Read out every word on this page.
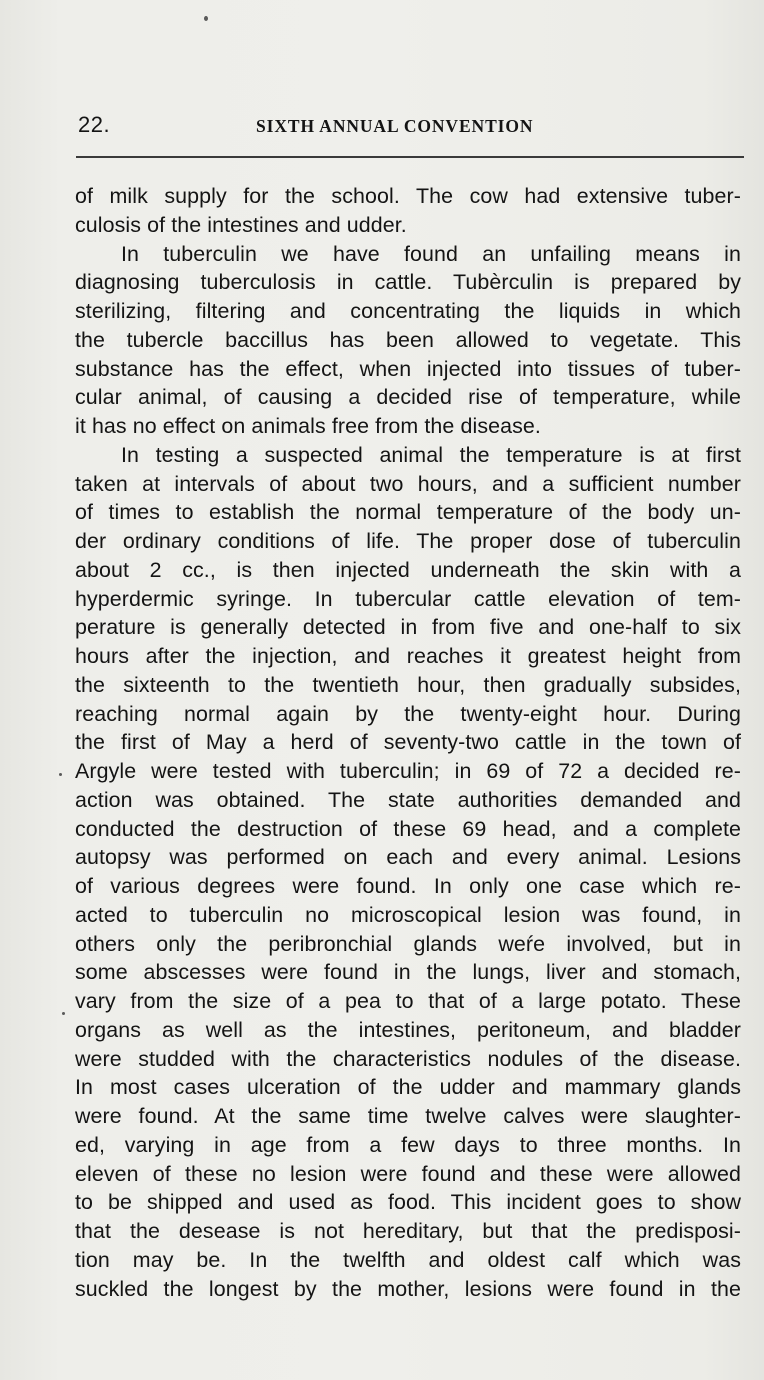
22.	SIXTH ANNUAL CONVENTION
of milk supply for the school. The cow had extensive tuber-
culosis of the intestines and udder.
In tuberculin we have found an unfailing means in
diagnosing tuberculosis in cattle. Tubèrculin is prepared by
sterilizing, filtering and concentrating the liquids in which
the tubercle baccillus has been allowed to vegetate. This
substance has the effect, when injected into tissues of tuber-
cular animal, of causing a decided rise of temperature, while
it has no effect on animals free from the disease.
In testing a suspected animal the temperature is at first
taken at intervals of about two hours, and a sufficient number
of times to establish the normal temperature of the body un-
der ordinary conditions of life. The proper dose of tuberculin
about 2 cc., is then injected underneath the skin with a
hyperdermic syringe. In tubercular cattle elevation of tem-
perature is generally detected in from five and one-half to six
hours after the injection, and reaches it greatest height from
the sixteenth to the twentieth hour, then gradually subsides,
reaching normal again by the twenty-eight hour. During
the first of May a herd of seventy-two cattle in the town of
Argyle were tested with tuberculin; in 69 of 72 a decided re-
action was obtained. The state authorities demanded and
conducted the destruction of these 69 head, and a complete
autopsy was performed on each and every animal. Lesions
of various degrees were found. In only one case which re-
acted to tuberculin no microscopical lesion was found, in
others only the peribronchial glands weŕe involved, but in
some abscesses were found in the lungs, liver and stomach,
vary from the size of a pea to that of a large potato. These
organs as well as the intestines, peritoneum, and bladder
were studded with the characteristics nodules of the disease.
In most cases ulceration of the udder and mammary glands
were found. At the same time twelve calves were slaughter-
ed, varying in age from a few days to three months. In
eleven of these no lesion were found and these were allowed
to be shipped and used as food. This incident goes to show
that the desease is not hereditary, but that the predisposi-
tion may be. In the twelfth and oldest calf which was
suckled the longest by the mother, lesions were found in the
